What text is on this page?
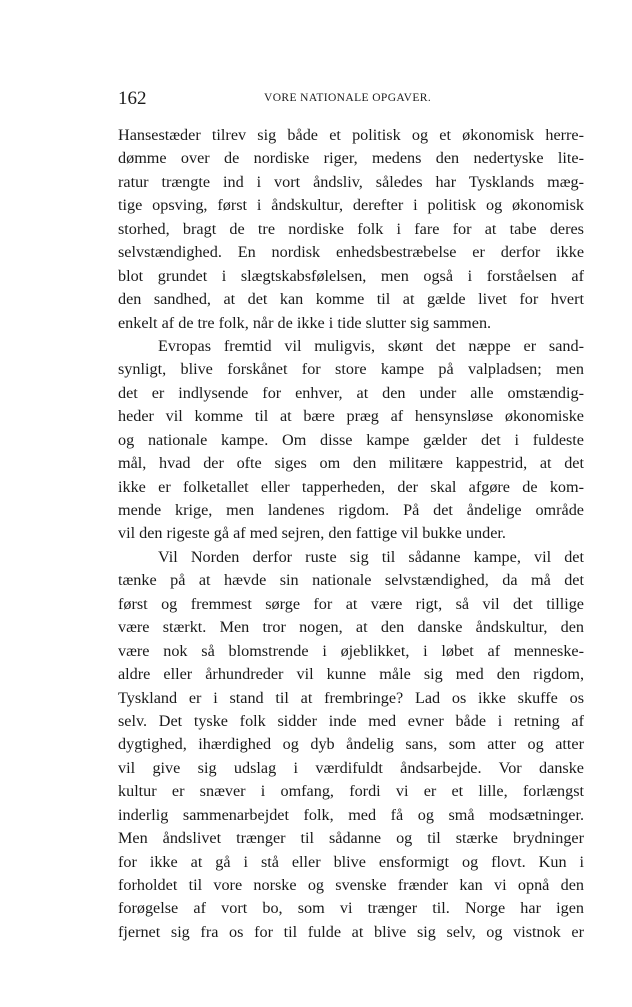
162	VORE NATIONALE OPGAVER.
Hansestæder tilrev sig både et politisk og et økonomisk herre-
dømme over de nordiske riger, medens den nedertyske lite-
ratur trængte ind i vort åndsliv, således har Tysklands mæg-
tige opsving, først i åndskultur, derefter i politisk og økonomisk
storhed, bragt de tre nordiske folk i fare for at tabe deres
selvstændighed. En nordisk enhedsbestræbelse er derfor ikke
blot grundet i slægtskabsfølelsen, men også i forståelsen af
den sandhed, at det kan komme til at gælde livet for hvert
enkelt af de tre folk, når de ikke i tide slutter sig sammen.
Evropas fremtid vil muligvis, skønt det næppe er sand-
synligt, blive forskånet for store kampe på valpladsen; men
det er indlysende for enhver, at den under alle omstændig-
heder vil komme til at bære præg af hensynsløse økonomiske
og nationale kampe. Om disse kampe gælder det i fuldeste
mål, hvad der ofte siges om den militære kappestrid, at det
ikke er folketallet eller tapperheden, der skal afgøre de kom-
mende krige, men landenes rigdom. På det åndelige område
vil den rigeste gå af med sejren, den fattige vil bukke under.
Vil Norden derfor ruste sig til sådanne kampe, vil det
tænke på at hævde sin nationale selvstændighed, da må det
først og fremmest sørge for at være rigt, så vil det tillige
være stærkt. Men tror nogen, at den danske åndskultur, den
være nok så blomstrende i øjeblikket, i løbet af menneske-
aldre eller århundreder vil kunne måle sig med den rigdom,
Tyskland er i stand til at frembringe? Lad os ikke skuffe os
selv. Det tyske folk sidder inde med evner både i retning af
dygtighed, ihærdighed og dyb åndelig sans, som atter og atter
vil give sig udslag i værdifuldt åndsarbejde. Vor danske
kultur er snæver i omfang, fordi vi er et lille, forlængst
inderlig sammenarbejdet folk, med få og små modsætninger.
Men åndslivet trænger til sådanne og til stærke brydninger
for ikke at gå i stå eller blive ensformigt og flovt. Kun i
forholdet til vore norske og svenske frænder kan vi opnå den
forøgelse af vort bo, som vi trænger til. Norge har igen
fjernet sig fra os for til fulde at blive sig selv, og vistnok er
